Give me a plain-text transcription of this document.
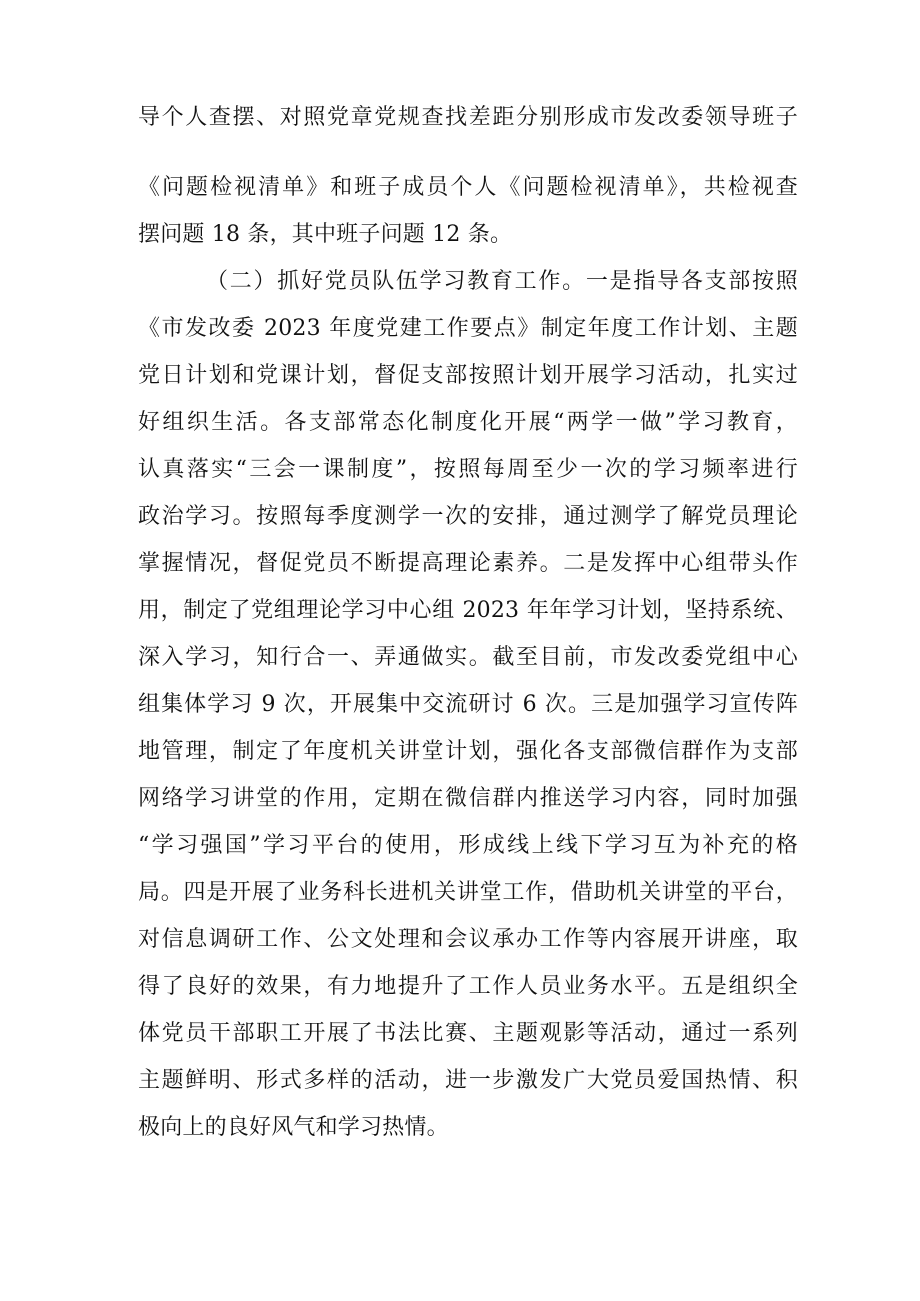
导个人查摆、对照党章党规查找差距分别形成市发改委领导班子
《问题检视清单》和班子成员个人《问题检视清单》，共检视查
摆问题 18 条，其中班子问题 12 条。
（二）抓好党员队伍学习教育工作。一是指导各支部按照
《市发改委 2023 年度党建工作要点》制定年度工作计划、主题
党日计划和党课计划，督促支部按照计划开展学习活动，扎实过
好组织生活。各支部常态化制度化开展“两学一做”学习教育，
认真落实“三会一课制度”，按照每周至少一次的学习频率进行
政治学习。按照每季度测学一次的安排，通过测学了解党员理论
掌握情况，督促党员不断提高理论素养。二是发挥中心组带头作
用，制定了党组理论学习中心组 2023 年年学习计划，坚持系统、
深入学习，知行合一、弄通做实。截至目前，市发改委党组中心
组集体学习 9 次，开展集中交流研讨 6 次。三是加强学习宣传阵
地管理，制定了年度机关讲堂计划，强化各支部微信群作为支部
网络学习讲堂的作用，定期在微信群内推送学习内容，同时加强
“学习强国”学习平台的使用，形成线上线下学习互为补充的格
局。四是开展了业务科长进机关讲堂工作，借助机关讲堂的平台，
对信息调研工作、公文处理和会议承办工作等内容展开讲座，取
得了良好的效果，有力地提升了工作人员业务水平。五是组织全
体党员干部职工开展了书法比赛、主题观影等活动，通过一系列
主题鲜明、形式多样的活动，进一步激发广大党员爱国热情、积
极向上的良好风气和学习热情。
